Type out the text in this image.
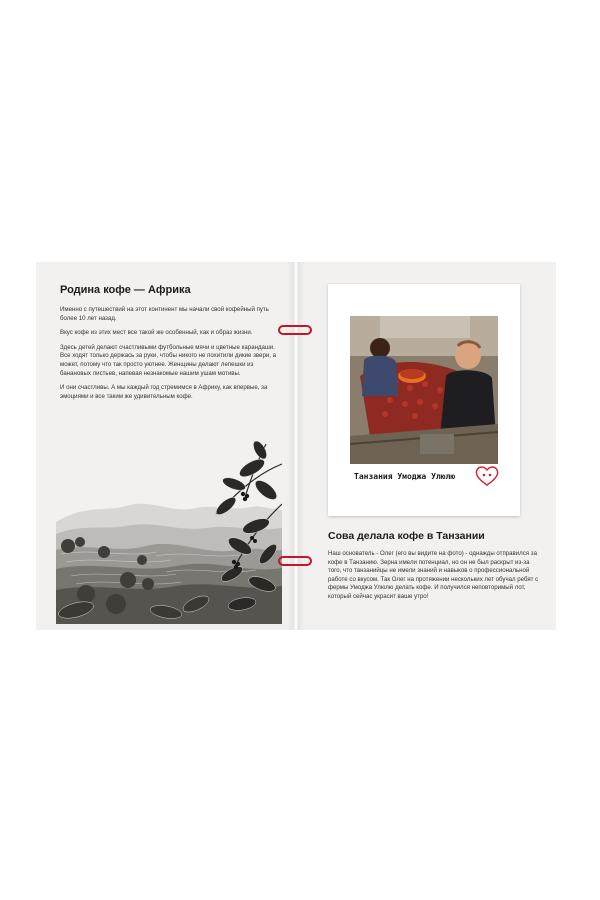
Родина кофе — Африка

Именно с путешествий на этот континент мы начали свой кофейный путь более 10 лет назад.

Вкус кофе из этих мест все такой же особенный, как и образ жизни.

Здесь детей делают счастливыми футбольные мячи и цветные карандаши. Все ходят только держась за руки, чтобы никого не похитили дикие звери, а может, потому что так просто уютнее. Женщины делают лепешки из банановых листьев, напевая незнакомые нашим ушам мотивы.

И они счастливы. А мы каждый год стремимся в Африку, как впервые, за эмоциями и все таким же удивительным кофе.

Танзания Умоджа Улюлю
Сова делала кофе в Танзании

Наш основатель - Олег (его вы видите на фото) - однажды отправился за кофе в Танзанию. Зерна имели потенциал, но он не был раскрыт из-за того, что танзанийцы не имели знаний и навыков о профессиональной работе со вкусом. Так Олег на протяжении нескольких лет обучал ребят с фермы Умоджа Улюлю делать кофе. И получился неповторимый лот, который сейчас украсит ваше утро!
